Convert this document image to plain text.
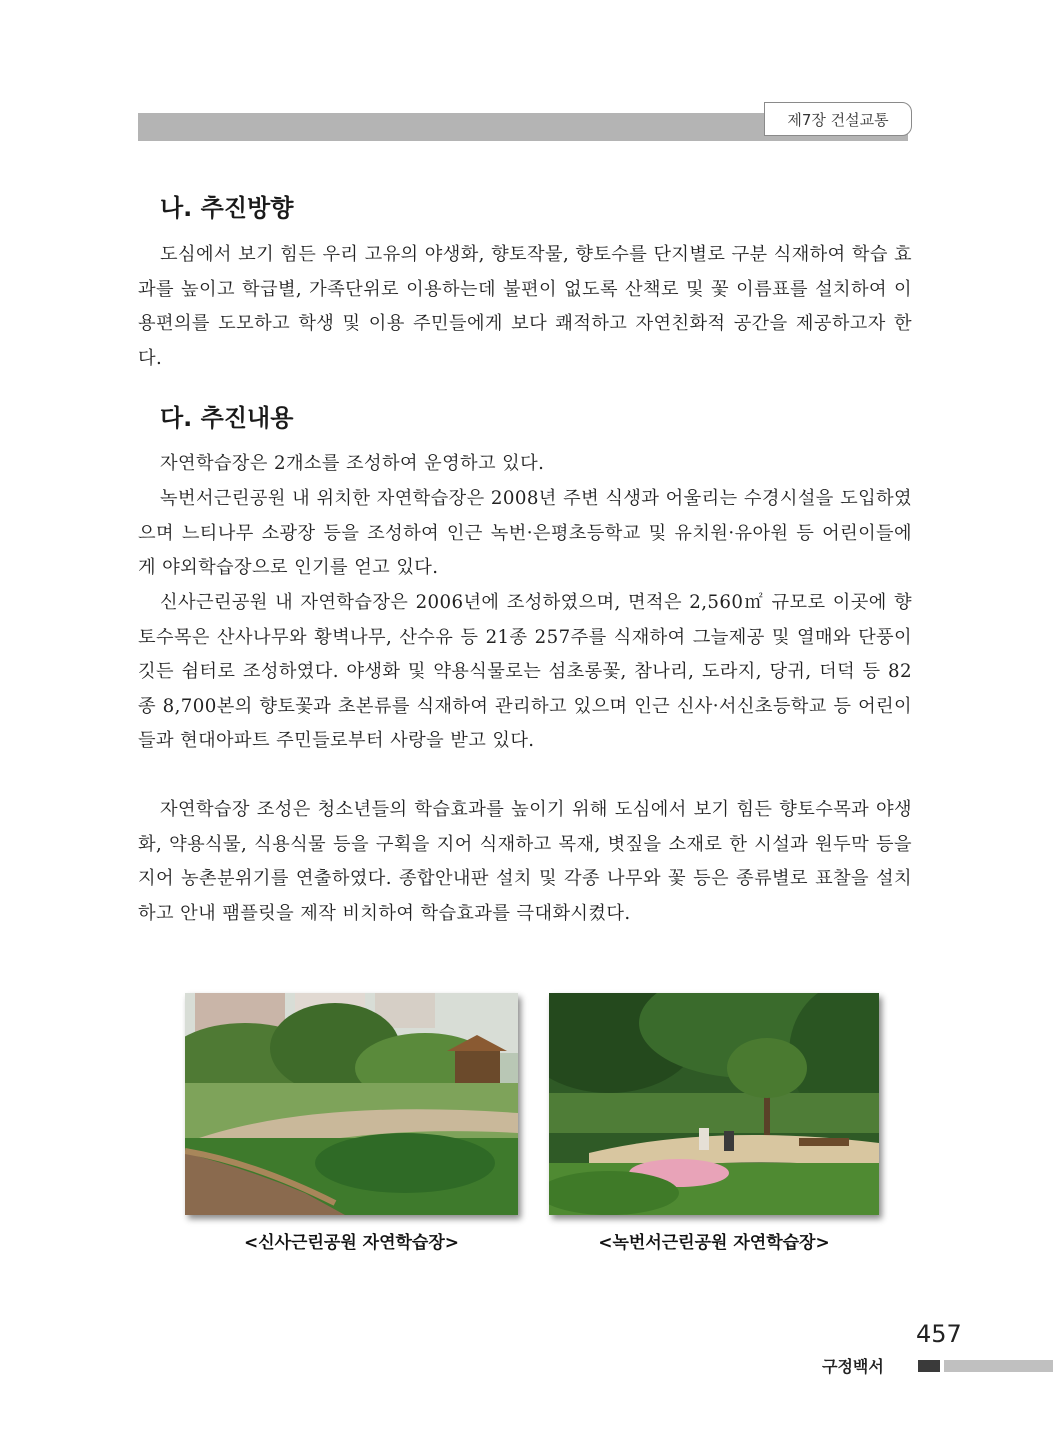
제7장 건설교통
나. 추진방향

도심에서 보기 힘든 우리 고유의 야생화, 향토작물, 향토수를 단지별로 구분 식재하여 학습 효과를 높이고 학급별, 가족단위로 이용하는데 불편이 없도록 산책로 및 꽃 이름표를 설치하여 이용편의를 도모하고 학생 및 이용 주민들에게 보다 쾌적하고 자연친화적 공간을 제공하고자 한다.

다. 추진내용

자연학습장은 2개소를 조성하여 운영하고 있다.

녹번서근린공원 내 위치한 자연학습장은 2008년 주변 식생과 어울리는 수경시설을 도입하였으며 느티나무 소광장 등을 조성하여 인근 녹번·은평초등학교 및 유치원·유아원 등 어린이들에게 야외학습장으로 인기를 얻고 있다.

신사근린공원 내 자연학습장은 2006년에 조성하였으며, 면적은 2,560㎡ 규모로 이곳에 향토수목은 산사나무와 황벽나무, 산수유 등 21종 257주를 식재하여 그늘제공 및 열매와 단풍이 깃든 쉼터로 조성하였다. 야생화 및 약용식물로는 섬초롱꽃, 참나리, 도라지, 당귀, 더덕 등 82종 8,700본의 향토꽃과 초본류를 식재하여 관리하고 있으며 인근 신사·서신초등학교 등 어린이들과 현대아파트 주민들로부터 사랑을 받고 있다.

자연학습장 조성은 청소년들의 학습효과를 높이기 위해 도심에서 보기 힘든 향토수목과 야생화, 약용식물, 식용식물 등을 구획을 지어 식재하고 목재, 볏짚을 소재로 한 시설과 원두막 등을 지어 농촌분위기를 연출하였다. 종합안내판 설치 및 각종 나무와 꽃 등은 종류별로 표찰을 설치하고 안내 팸플릿을 제작 비치하여 학습효과를 극대화시켰다.

<신사근린공원 자연학습장>	<녹번서근린공원 자연학습장>
457
구정백서
